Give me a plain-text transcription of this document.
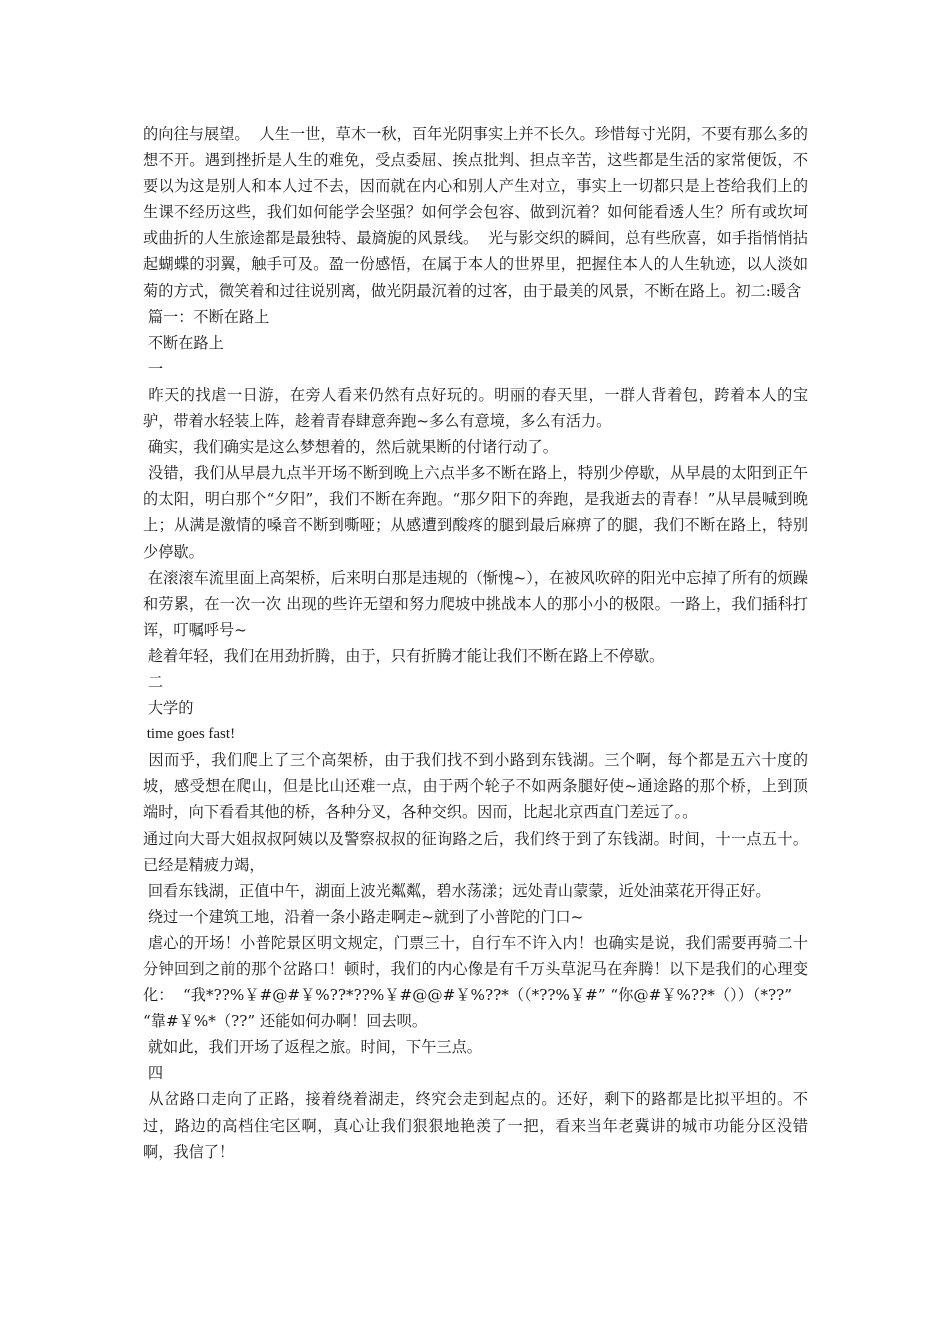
的向往与展望。  人生一世，草木一秋，百年光阴事实上并不长久。珍惜每寸光阴，不要有那么多的想不开。遇到挫折是人生的难免，受点委屈、挨点批判、担点辛苦，这些都是生活的家常便饭，不要以为这是别人和本人过不去，因而就在内心和别人产生对立，事实上一切都只是上苍给我们上的生课不经历这些，我们如何能学会坚强？如何学会包容、做到沉着？如何能看透人生？所有或坎坷或曲折的人生旅途都是最独特、最旖旎的风景线。  光与影交织的瞬间，总有些欣喜，如手指悄悄拈起蝴蝶的羽翼，触手可及。盈一份感悟，在属于本人的世界里，把握住本人的人生轨迹，以人淡如菊的方式，微笑着和过往说别离，做光阴最沉着的过客，由于最美的风景，不断在路上。初二:暖含

篇一：不断在路上

不断在路上

一

昨天的找虐一日游，在旁人看来仍然有点好玩的。明丽的春天里，一群人背着包，跨着本人的宝驴，带着水轻装上阵，趁着青春肆意奔跑~多么有意境，多么有活力。

确实，我们确实是这么梦想着的，然后就果断的付诸行动了。

没错，我们从早晨九点半开场不断到晚上六点半多不断在路上，特别少停歇，从早晨的太阳到正午的太阳，明白那个“夕阳”，我们不断在奔跑。“那夕阳下的奔跑，是我逝去的青春！”从早晨喊到晚上；从满是激情的嗓音不断到嘶哑；从感遭到酸疼的腿到最后麻痹了的腿，我们不断在路上，特别少停歇。

在滚滚车流里面上高架桥，后来明白那是违规的（惭愧~），在被风吹碎的阳光中忘掉了所有的烦躁和劳累，在一次一次 出现的些许无望和努力爬坡中挑战本人的那小小的极限。一路上，我们插科打诨，叮嘱呼号~

趁着年轻，我们在用劲折腾，由于，只有折腾才能让我们不断在路上不停歇。

二

大学的

time goes fast!

因而乎，我们爬上了三个高架桥，由于我们找不到小路到东钱湖。三个啊，每个都是五六十度的坡，感受想在爬山，但是比山还难一点，由于两个轮子不如两条腿好使~通途路的那个桥，上到顶端时，向下看看其他的桥，各种分叉，各种交织。因而，比起北京西直门差远了。。

通过向大哥大姐叔叔阿姨以及警察叔叔的征询路之后，我们终于到了东钱湖。时间，十一点五十。已经是精疲力竭，

回看东钱湖，正值中午，湖面上波光粼粼，碧水荡漾；远处青山蒙蒙，近处油菜花开得正好。

绕过一个建筑工地，沿着一条小路走啊走~就到了小普陀的门口~

虐心的开场！小普陀景区明文规定，门票三十，自行车不许入内！也确实是说，我们需要再骑二十分钟回到之前的那个岔路口！顿时，我们的内心像是有千万头草泥马在奔腾！以下是我们的心理变化：  “我*??%￥#@#￥%??*??%￥#@@#￥%??*（（*??%￥#” “你@#￥%??*（））（*??”

“靠#￥%*（??” 还能如何办啊！回去呗。

就如此，我们开场了返程之旅。时间，下午三点。

四

从岔路口走向了正路，接着绕着湖走，终究会走到起点的。还好，剩下的路都是比拟平坦的。不过，路边的高档住宅区啊，真心让我们狠狠地艳羡了一把，看来当年老冀讲的城市功能分区没错啊，我信了！
